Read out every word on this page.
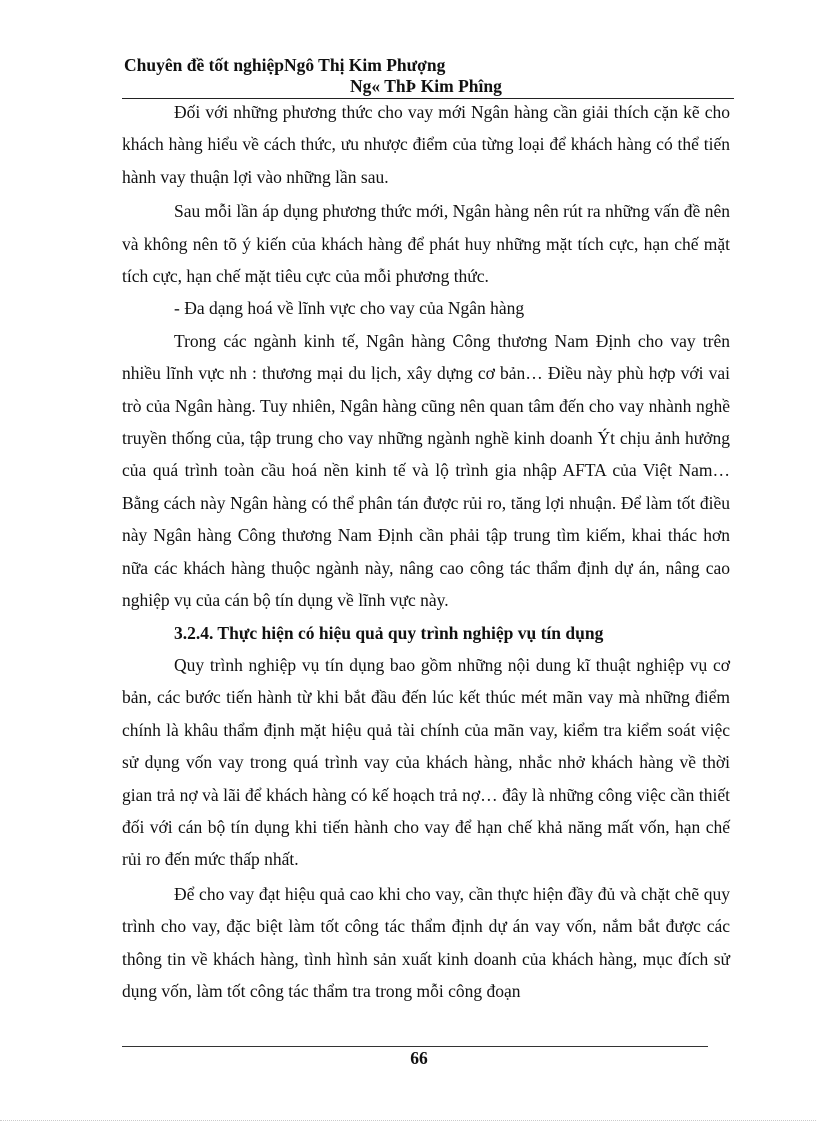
Chuyên đề tốt nghiệpNgô Thị Kim Phượng
Ng« ThÞ Kim Phîng

Đối với những phương thức cho vay mới Ngân hàng cần giải thích cặn kẽ cho khách hàng hiểu về cách thức, ưu nhược điểm của từng loại để khách hàng có thể tiến hành vay thuận lợi vào những lần sau.

Sau mỗi lần áp dụng phương thức mới, Ngân hàng nên rút ra những vấn đề nên và không nên tõ ý kiến của khách hàng để phát huy những mặt tích cực, hạn chế mặt tích cực, hạn chế mặt tiêu cực của mỗi phương thức.

- Đa dạng hoá về lĩnh vực cho vay của Ngân hàng

Trong các ngành kinh tế, Ngân hàng Công thương Nam Định cho vay trên nhiều lĩnh vực nh : thương mại du lịch, xây dựng cơ bản… Điều này phù hợp với vai trò của Ngân hàng. Tuy nhiên, Ngân hàng cũng nên quan tâm đến cho vay nhành nghề truyền thống của, tập trung cho vay những ngành nghề kinh doanh Ýt chịu ảnh hưởng của quá trình toàn cầu hoá nền kinh tế và lộ trình gia nhập AFTA của Việt Nam… Bằng cách này Ngân hàng có thể phân tán được rủi ro, tăng lợi nhuận. Để làm tốt điều này Ngân hàng Công thương Nam Định cần phải tập trung tìm kiếm, khai thác hơn nữa các khách hàng thuộc ngành này, nâng cao công tác thẩm định dự án, nâng cao nghiệp vụ của cán bộ tín dụng về lĩnh vực này.

3.2.4. Thực hiện có hiệu quả quy trình nghiệp vụ tín dụng

Quy trình nghiệp vụ tín dụng bao gồm những nội dung kĩ thuật nghiệp vụ cơ bản, các bước tiến hành từ khi bắt đầu đến lúc kết thúc mét mãn vay mà những điểm chính là khâu thẩm định mặt hiệu quả tài chính của mãn vay, kiểm tra kiểm soát việc sử dụng vốn vay trong quá trình vay của khách hàng, nhắc nhở khách hàng về thời gian trả nợ và lãi để khách hàng có kế hoạch trả nợ… đây là những công việc cần thiết đối với cán bộ tín dụng khi tiến hành cho vay để hạn chế khả năng mất vốn, hạn chế rủi ro đến mức thấp nhất.

Để cho vay đạt hiệu quả cao khi cho vay, cần thực hiện đầy đủ và chặt chẽ quy trình cho vay, đặc biệt làm tốt công tác thẩm định dự án vay vốn, nắm bắt được các thông tin về khách hàng, tình hình sản xuất kinh doanh của khách hàng, mục đích sử dụng vốn, làm tốt công tác thẩm tra trong mỗi công đoạn

66
